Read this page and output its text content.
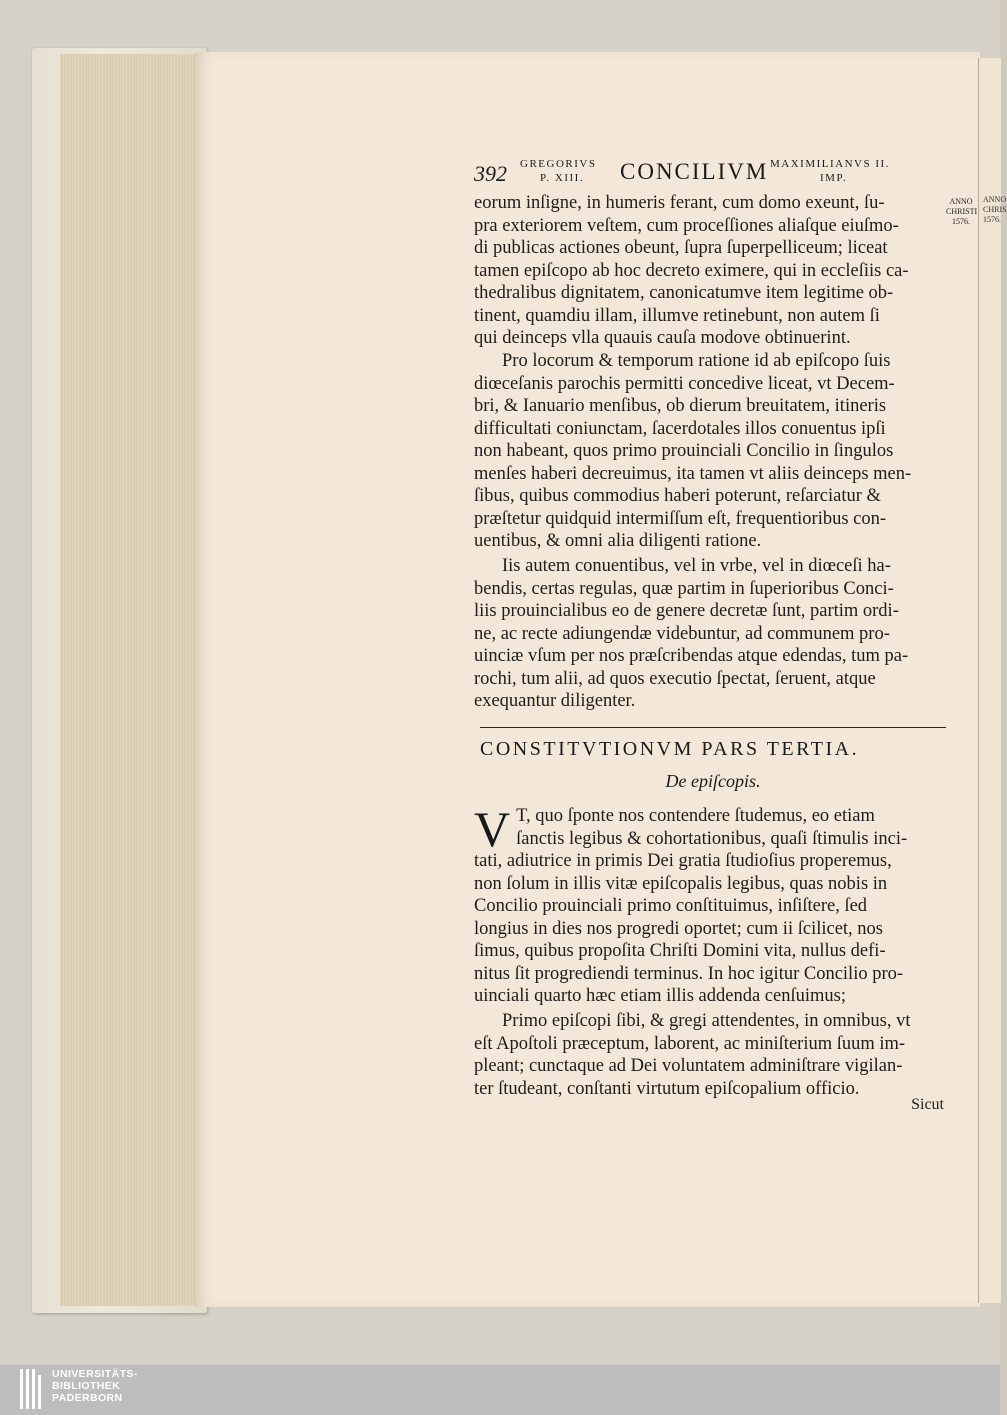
ANNO
CHRIS
1576.
392 GREGORIVS
P. XIII. CONCILIVM MAXIMILIANVS II.
IMP.
ANNO
CHRISTI
1576.
eorum inſigne, in humeris ferant, cum domo exeunt, ſu-
pra exteriorem veſtem, cum proceſſiones aliaſque eiuſmo-
di publicas actiones obeunt, ſupra ſuperpelliceum; liceat
tamen epiſcopo ab hoc decreto eximere, qui in eccleſiis ca-
thedralibus dignitatem, canonicatumve item legitime ob-
tinent, quamdiu illam, illumve retinebunt, non autem ſi
qui deinceps vlla quauis cauſa modove obtinuerint.
Pro locorum & temporum ratione id ab epiſcopo ſuis
diœceſanis parochis permitti concedive liceat, vt Decem-
bri, & Ianuario menſibus, ob dierum breuitatem, itineris
difficultati coniunctam, ſacerdotales illos conuentus ipſi
non habeant, quos primo prouinciali Concilio in ſingulos
menſes haberi decreuimus, ita tamen vt aliis deinceps men-
ſibus, quibus commodius haberi poterunt, reſarciatur &
præſtetur quidquid intermiſſum eſt, frequentioribus con-
uentibus, & omni alia diligenti ratione.
Iis autem conuentibus, vel in vrbe, vel in diœceſi ha-
bendis, certas regulas, quæ partim in ſuperioribus Conci-
liis prouincialibus eo de genere decretæ ſunt, partim ordi-
ne, ac recte adiungendæ videbuntur, ad communem pro-
uinciæ vſum per nos præſcribendas atque edendas, tum pa-
rochi, tum alii, ad quos executio ſpectat, ſeruent, atque
exequantur diligenter.
CONSTITVTIONVM PARS TERTIA.
De epiſcopis.
V T, quo ſponte nos contendere ſtudemus, eo etiam
ſanctis legibus & cohortationibus, quaſi ſtimulis inci-
tati, adiutrice in primis Dei gratia ſtudioſius properemus,
non ſolum in illis vitæ epiſcopalis legibus, quas nobis in
Concilio prouinciali primo conſtituimus, inſiſtere, ſed
longius in dies nos progredi oportet; cum ii ſcilicet, nos
ſimus, quibus propoſita Chriſti Domini vita, nullus defi-
nitus ſit progrediendi terminus. In hoc igitur Concilio pro-
uinciali quarto hæc etiam illis addenda cenſuimus;
Primo epiſcopi ſibi, & gregi attendentes, in omnibus, vt
eſt Apoſtoli præceptum, laborent, ac miniſterium ſuum im-
pleant; cunctaque ad Dei voluntatem adminiſtrare vigilan-
ter ſtudeant, conſtanti virtutum epiſcopalium officio.
Sicut
UNIVERSITÄTS-
BIBLIOTHEK
PADERBORN
